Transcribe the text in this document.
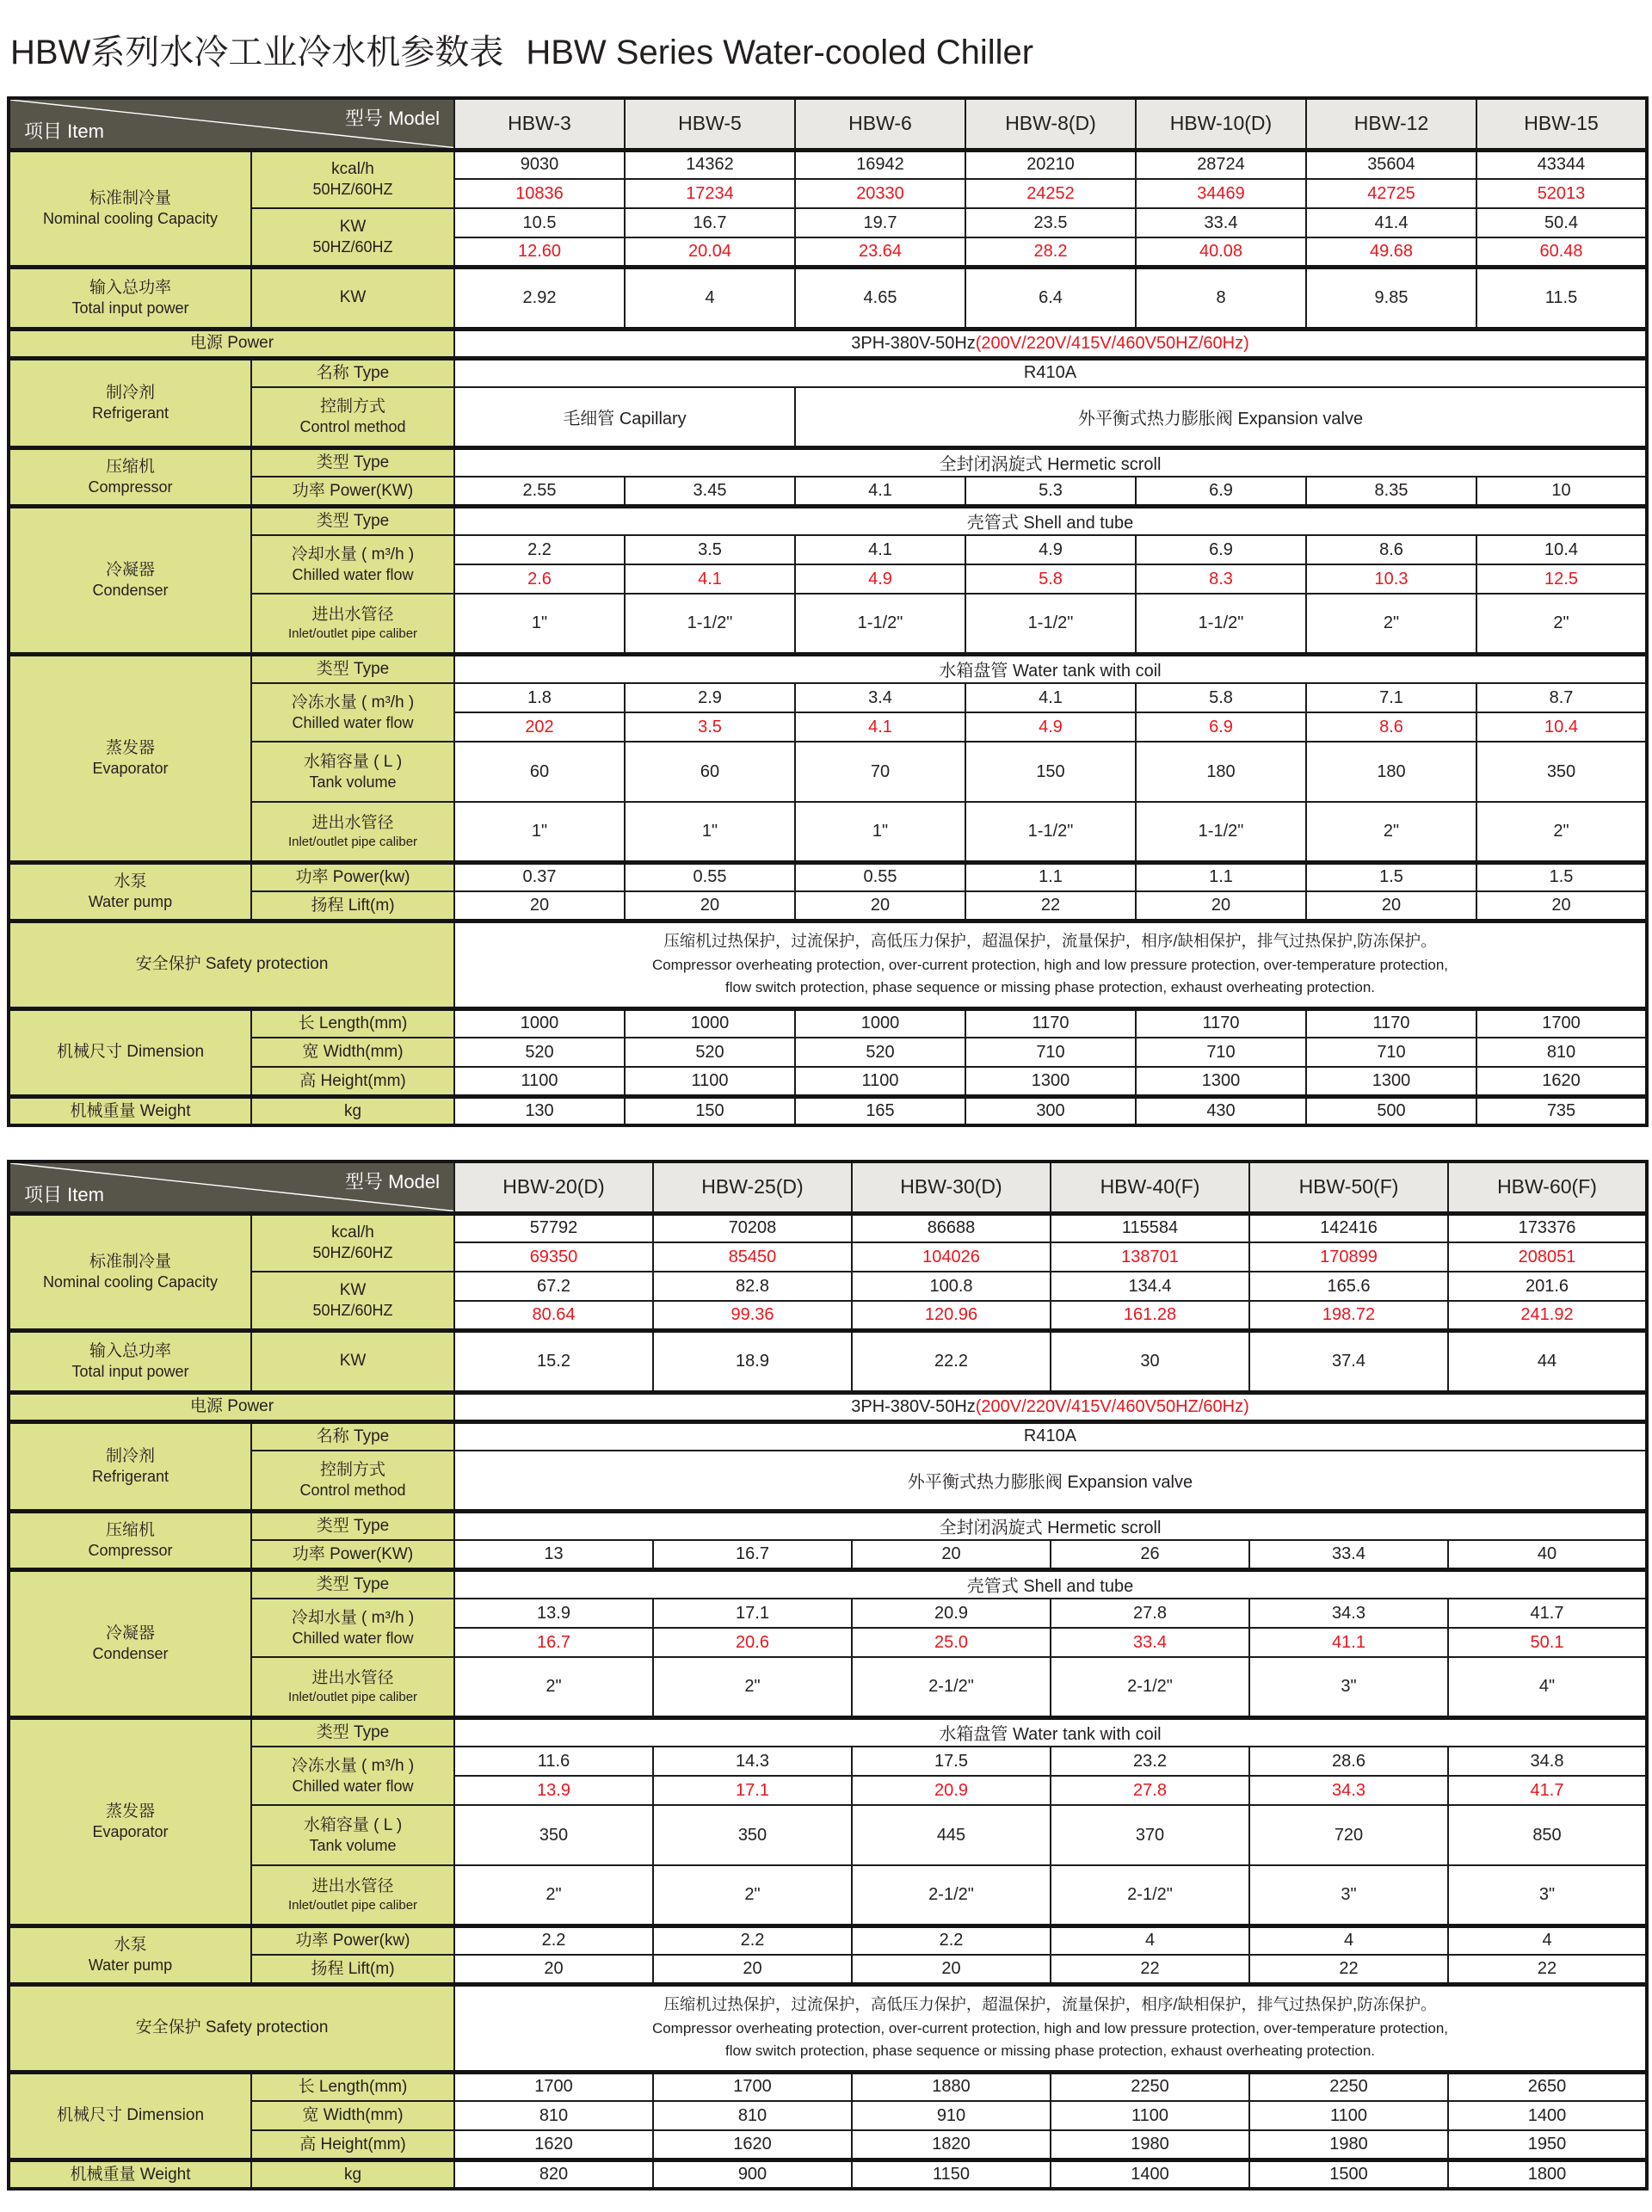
HBW系列水冷工业冷水机参数表 HBW Series Water-cooled Chiller
型号 Model
项目 Item		HBW-3	HBW-5	HBW-6	HBW-8(D)	HBW-10(D)	HBW-12	HBW-15

标准制冷量
Nominal cooling Capacity

kcal/h
50HZ/60HZ
	9030	14362	16942	20210	28724	35604	43344
		10836	17234	20330	24252	34469	42725	52013

	KW
50HZ/60HZ	10.5	16.7	19.7	23.5	33.4	41.4	50.4
		12.60	20.04	23.64	28.2	40.08	49.68	60.48

输入总功率
Total input power	KW	2.92	4	4.65	6.4	8	9.85	11.5
电源 Power		3PH-380V-50Hz(200V/220V/415V/460V50HZ/60Hz)						

制冷剂
Refrigerant	名称 Type	R410A						

	控制方式
Control method	毛细管 Capillary		外平衡式热力膨胀阀 Expansion valve				

压缩机
Compressor	类型 Type	全封闭涡旋式 Hermetic scroll						
	功率 Power(KW)	2.55	3.45	4.1	5.3	6.9	8.35	10

冷凝器
Condenser	类型 Type	壳管式 Shell and tube						

	冷却水量 ( m³/h )
Chilled water flow	2.2	3.5	4.1	4.9	6.9	8.6	10.4
		2.6	4.1	4.9	5.8	8.3	10.3	12.5

	进出水管径
Inlet/outlet pipe caliber	1"	1-1/2"	1-1/2"	1-1/2"	1-1/2"	2"	2"

蒸发器
Evaporator	类型 Type	水箱盘管 Water tank with coil						

	冷冻水量 ( m³/h )
Chilled water flow	1.8	2.9	3.4	4.1	5.8	7.1	8.7
		202	3.5	4.1	4.9	6.9	8.6	10.4

	水箱容量 ( L )
Tank volume	60	60	70	150	180	180	350

	进出水管径
Inlet/outlet pipe caliber	1"	1"	1"	1-1/2"	1-1/2"	2"	2"

水泵
Water pump	功率 Power(kw)	0.37	0.55	0.55	1.1	1.1	1.5	1.5
	扬程 Lift(m)	20	20	20	22	20	20	20
安全保护 Safety protection		压缩机过热保护，过流保护，高低压力保护，超温保护，流量保护，相序/缺相保护，排气过热保护,防冻保护。
Compressor overheating protection, over-current protection, high and low pressure protection, over-temperature protection,
flow switch protection, phase sequence or missing phase protection, exhaust overheating protection.						

机械尺寸 Dimension	长 Length(mm)	1000	1000	1000	1170	1170	1170	1700
	宽 Width(mm)	520	520	520	710	710	710	810
	高 Height(mm)	1100	1100	1100	1300	1300	1300	1620
机械重量 Weight	kg	130	150	165	300	430	500	735
型号 Model
项目 Item		HBW-20(D)	HBW-25(D)	HBW-30(D)	HBW-40(F)	HBW-50(F)	HBW-60(F)

标准制冷量
Nominal cooling Capacity

kcal/h
50HZ/60HZ
	57792	70208	86688	115584	142416	173376
		69350	85450	104026	138701	170899	208051

	KW
50HZ/60HZ	67.2	82.8	100.8	134.4	165.6	201.6
		80.64	99.36	120.96	161.28	198.72	241.92

输入总功率
Total input power	KW	15.2	18.9	22.2	30	37.4	44
电源 Power		3PH-380V-50Hz(200V/220V/415V/460V50HZ/60Hz)					

制冷剂
Refrigerant	名称 Type	R410A					

	控制方式
Control method	外平衡式热力膨胀阀 Expansion valve					

压缩机
Compressor	类型 Type	全封闭涡旋式 Hermetic scroll					
	功率 Power(KW)	13	16.7	20	26	33.4	40

冷凝器
Condenser	类型 Type	壳管式 Shell and tube					

	冷却水量 ( m³/h )
Chilled water flow	13.9	17.1	20.9	27.8	34.3	41.7
		16.7	20.6	25.0	33.4	41.1	50.1

	进出水管径
Inlet/outlet pipe caliber	2"	2"	2-1/2"	2-1/2"	3"	4"

蒸发器
Evaporator	类型 Type	水箱盘管 Water tank with coil					

	冷冻水量 ( m³/h )
Chilled water flow	11.6	14.3	17.5	23.2	28.6	34.8
		13.9	17.1	20.9	27.8	34.3	41.7

	水箱容量 ( L )
Tank volume	350	350	445	370	720	850

	进出水管径
Inlet/outlet pipe caliber	2"	2"	2-1/2"	2-1/2"	3"	3"

水泵
Water pump	功率 Power(kw)	2.2	2.2	2.2	4	4	4
	扬程 Lift(m)	20	20	20	22	22	22
安全保护 Safety protection		压缩机过热保护，过流保护，高低压力保护，超温保护，流量保护，相序/缺相保护，排气过热保护,防冻保护。
Compressor overheating protection, over-current protection, high and low pressure protection, over-temperature protection,
flow switch protection, phase sequence or missing phase protection, exhaust overheating protection.					

机械尺寸 Dimension	长 Length(mm)	1700	1700	1880	2250	2250	2650
	宽 Width(mm)	810	810	910	1100	1100	1400
	高 Height(mm)	1620	1620	1820	1980	1980	1950
机械重量 Weight	kg	820	900	1150	1400	1500	1800
